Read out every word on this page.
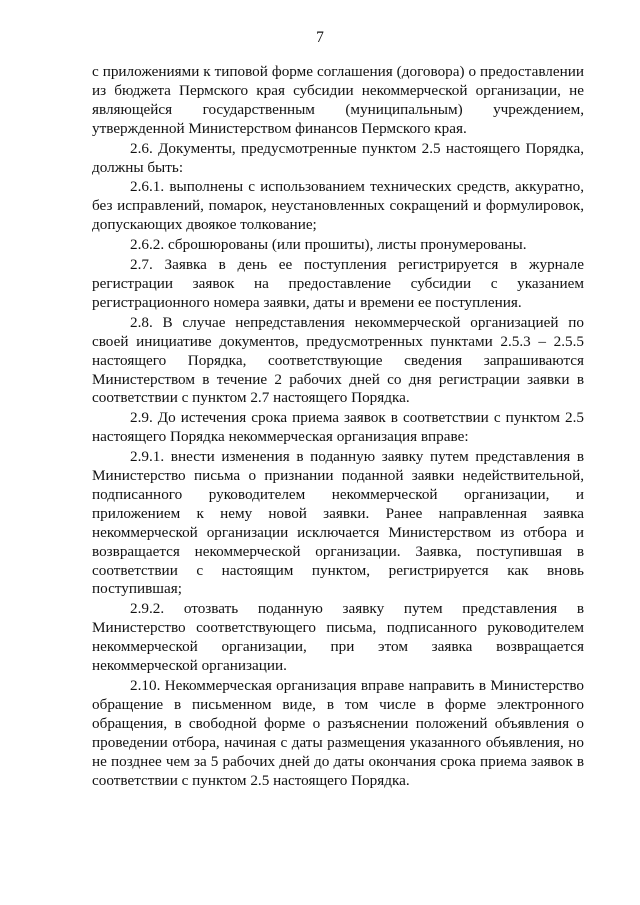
7

с приложениями к типовой форме соглашения (договора) о предоставлении из бюджета Пермского края субсидии некоммерческой организации, не являющейся государственным (муниципальным) учреждением, утвержденной Министерством финансов Пермского края.

2.6. Документы, предусмотренные пунктом 2.5 настоящего Порядка, должны быть:

2.6.1. выполнены с использованием технических средств, аккуратно, без исправлений, помарок, неустановленных сокращений и формулировок, допускающих двоякое толкование;

2.6.2. сброшюрованы (или прошиты), листы пронумерованы.

2.7. Заявка в день ее поступления регистрируется в журнале регистрации заявок на предоставление субсидии с указанием регистрационного номера заявки, даты и времени ее поступления.

2.8. В случае непредставления некоммерческой организацией по своей инициативе документов, предусмотренных пунктами 2.5.3 – 2.5.5 настоящего Порядка, соответствующие сведения запрашиваются Министерством в течение 2 рабочих дней со дня регистрации заявки в соответствии с пунктом 2.7 настоящего Порядка.

2.9. До истечения срока приема заявок в соответствии с пунктом 2.5 настоящего Порядка некоммерческая организация вправе:

2.9.1. внести изменения в поданную заявку путем представления в Министерство письма о признании поданной заявки недействительной, подписанного руководителем некоммерческой организации, и приложением к нему новой заявки. Ранее направленная заявка некоммерческой организации исключается Министерством из отбора и возвращается некоммерческой организации. Заявка, поступившая в соответствии с настоящим пунктом, регистрируется как вновь поступившая;

2.9.2. отозвать поданную заявку путем представления в Министерство соответствующего письма, подписанного руководителем некоммерческой организации, при этом заявка возвращается некоммерческой организации.

2.10. Некоммерческая организация вправе направить в Министерство обращение в письменном виде, в том числе в форме электронного обращения, в свободной форме о разъяснении положений объявления о проведении отбора, начиная с даты размещения указанного объявления, но не позднее чем за 5 рабочих дней до даты окончания срока приема заявок в соответствии с пунктом 2.5 настоящего Порядка.
